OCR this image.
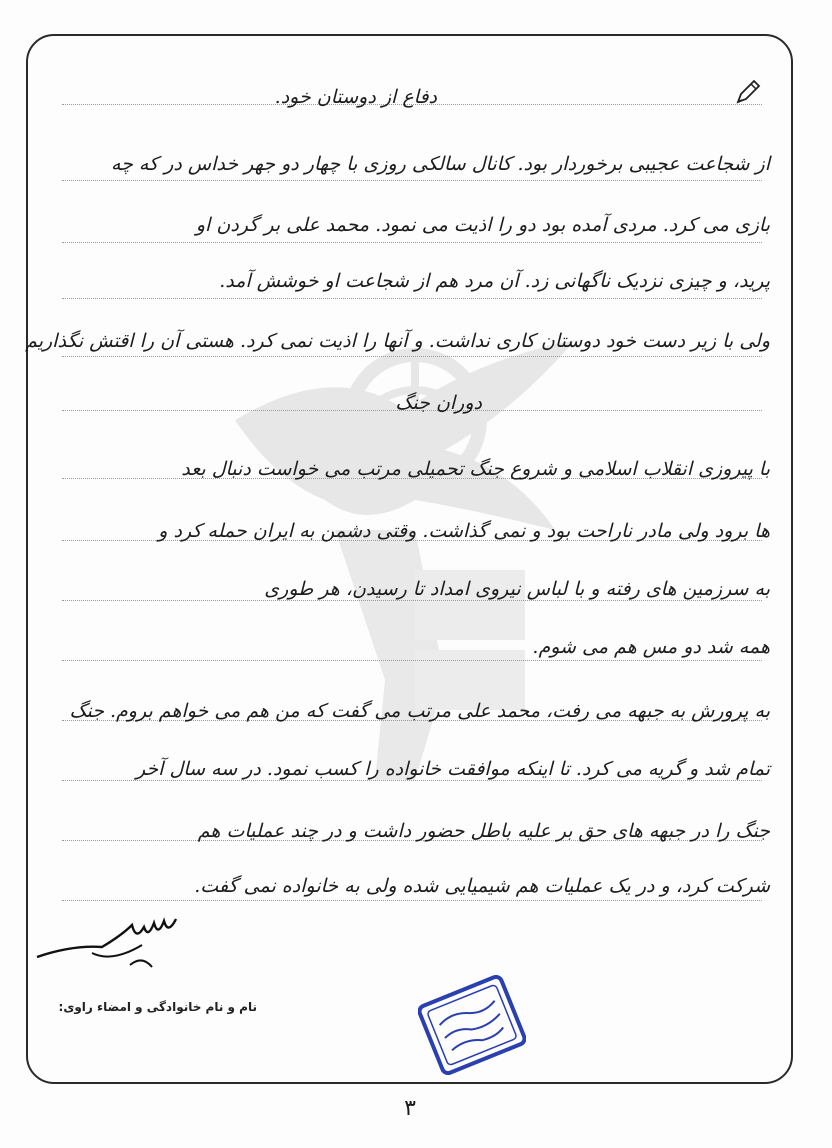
دفاع از دوستان خود.
از شجاعت عجیبی برخوردار بود. کانال سالکی روزی با چهار دو جهر خداس در که چه
بازی می کرد. مردی آمده بود دو را اذیت می نمود. محمد علی بر گردن او
پرید، و چیزی نزدیک ناگهانی زد. آن مرد هم از شجاعت او خوشش آمد.
ولی با زیر دست خود دوستان کاری نداشت. و آنها را اذیت نمی کرد. هستی آن را اقتش نگذاریم
دوران جنگ
با پیروزی انقلاب اسلامی و شروع جنگ تحمیلی مرتب می خواست دنبال بعد
ها برود ولی مادر ناراحت بود و نمی گذاشت. وقتی دشمن به ایران حمله کرد و
به سرزمین های رفته و با لباس نیروی امداد تا رسیدن، هر طوری
همه شد دو مس هم می شوم.
به پرورش به جبهه می رفت، محمد علی مرتب می گفت که من هم می خواهم بروم. جنگ
تمام شد و گریه می کرد. تا اینکه موافقت خانواده را کسب نمود. در سه سال آخر
جنگ را در جبهه های حق بر علیه باطل حضور داشت و در چند عملیات هم
شرکت کرد، و در یک عملیات هم شیمیایی شده ولی به خانواده نمی گفت.
نام و نام خانوادگی و امضاء راوی:
۳
